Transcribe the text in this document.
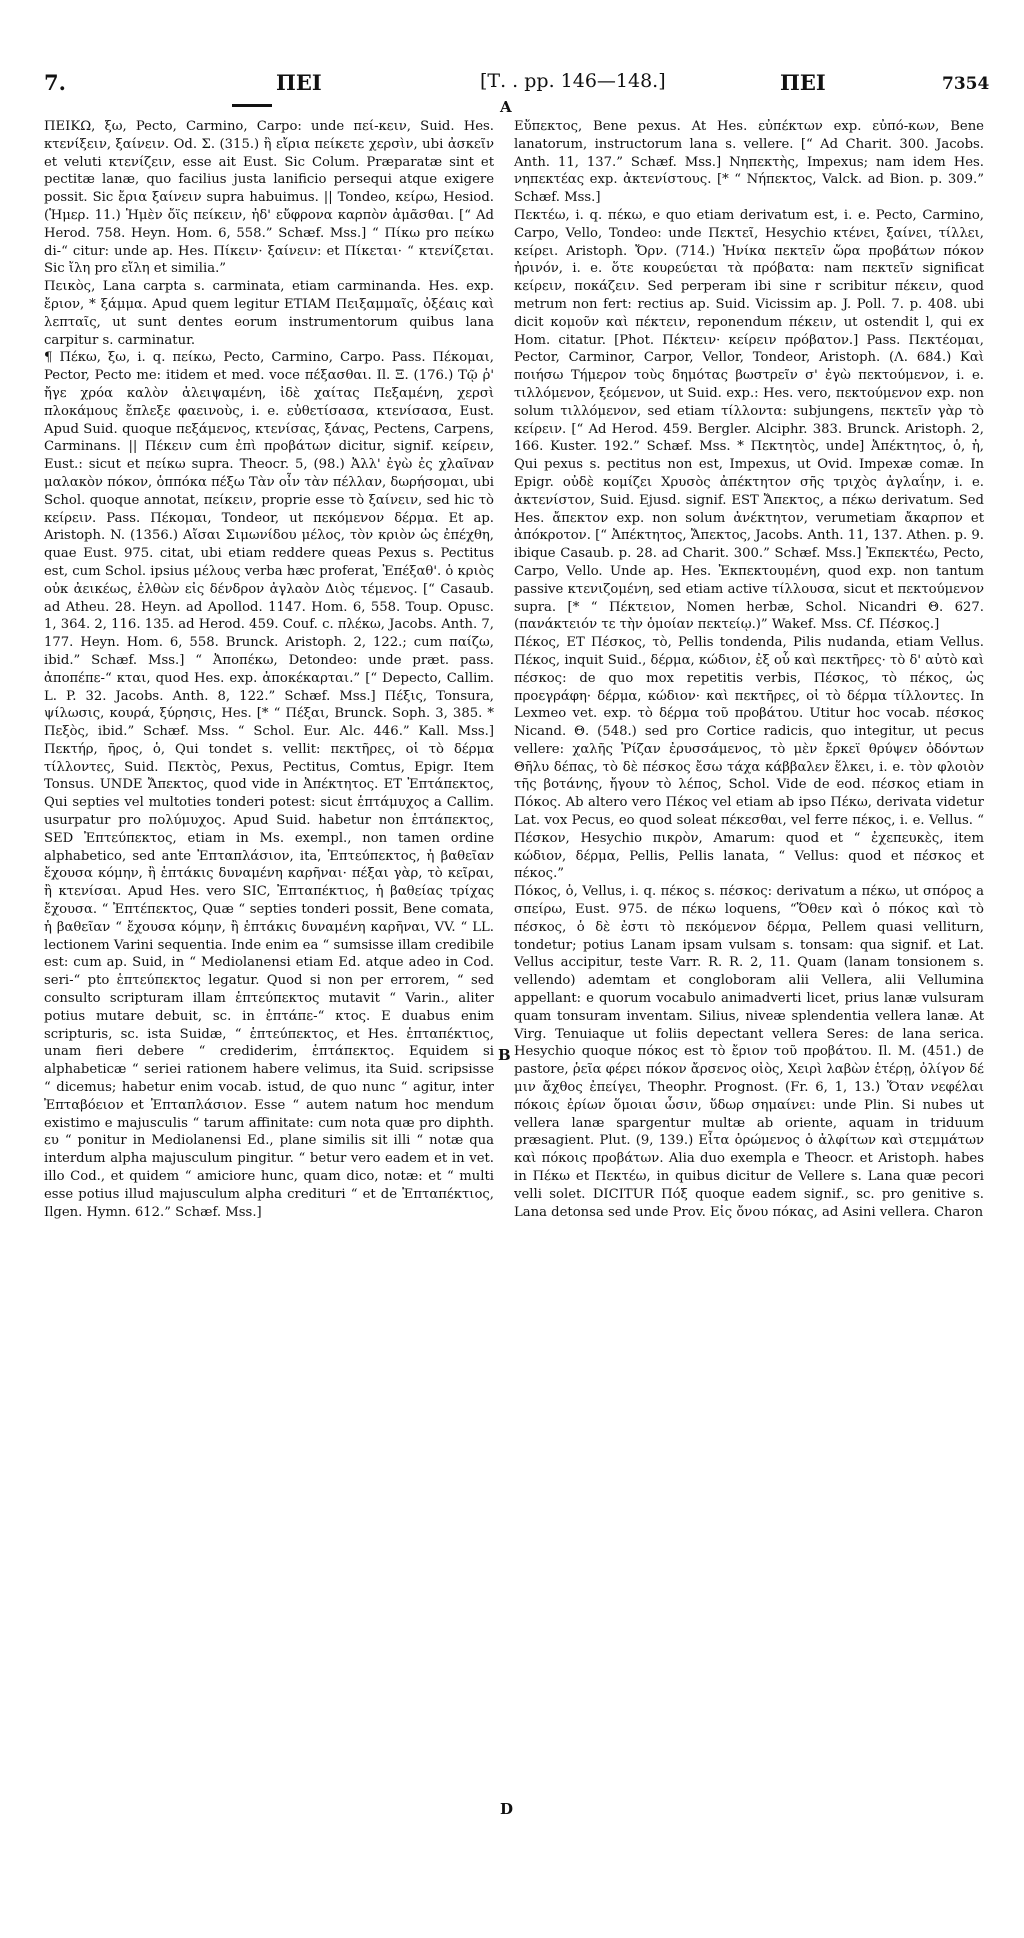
7.	ΠΕΙ	[Τ. . pp. 146—148.]	ΠΕΙ	7354
A
B
D

ΠΕΙΚΩ, ξω, Pecto, Carmino, Carpo: unde πεί-κειν, Suid. Hes. κτενίξειν, ξαίνειν. Od. Σ. (315.) ἢ εἴρια πείκετε χερσὶν, ubi ἀσκεῖν et veluti κτενίζειν, esse ait Eust. Sic Colum. Præparatæ sint et pectitæ lanæ, quo facilius justa lanificio persequi atque exigere possit. Sic ἔρια ξαίνειν supra habuimus. || Tondeo, κείρω, Hesiod. (Ἡμερ. 11.) Ἡμὲν ὄϊς πείκειν, ἠδ' εὔφρονα καρπὸν ἀμᾶσθαι. [“ Ad Herod. 758. Heyn. Hom. 6, 558.” Schæf. Mss.] “ Πίκω pro πείκω di-“ citur: unde ap. Hes. Πίκειν· ξαίνειν: et Πίκεται· “ κτενίζεται. Sic ἴλη pro εἴλη et similia.”

Πεικὸς, Lana carpta s. carminata, etiam carminanda. Hes. exp. ἔριον, * ξάμμα. Apud quem legitur ETIAM Πειξαμμαῖς, ὀξέαις καὶ λεπταῖς, ut sunt dentes eorum instrumentorum quibus lana carpitur s. carminatur.

¶ Πέκω, ξω, i. q. πείκω, Pecto, Carmino, Carpo. Pass. Πέκομαι, Pector, Pecto me: itidem et med. voce πέξασθαι. Il. Ξ. (176.) Τῷ ῥ' ἤγε χρόα καλὸν ἀλειψαμένη, ἰδὲ χαίτας Πεξαμένη, χερσὶ πλοκάμους ἔπλεξε φαεινοὺς, i. e. εὐθετίσασα, κτενίσασα, Eust. Apud Suid. quoque πεξάμενος, κτενίσας, ξάνας, Pectens, Carpens, Carminans. || Πέκειν cum ἐπὶ προβάτων dicitur, signif. κείρειν, Eust.: sicut et πείκω supra. Theocr. 5, (98.) Ἀλλ' ἐγὼ ἐς χλαῖναν μαλακὸν πόκον, ὁππόκα πέξω Τὰν οἶν τὰν πέλλαν, δωρήσομαι, ubi Schol. quoque annotat, πείκειν, proprie esse τὸ ξαίνειν, sed hic τὸ κείρειν. Pass. Πέκομαι, Tondeor, ut πεκόμενον δέρμα. Et ap. Aristoph. N. (1356.) Αἴσαι Σιμωνίδου μέλος, τὸν κριὸν ὡς ἐπέχθη, quae Eust. 975. citat, ubi etiam reddere queas Pexus s. Pectitus est, cum Schol. ipsius μέλους verba hæc proferat, Ἐπέξαθ'. ὁ κριὸς οὐκ ἀεικέως, ἐλθὼν εἰς δένδρον ἀγλαὸν Διὸς τέμενος. [“ Casaub. ad Atheu. 28. Heyn. ad Apollod. 1147. Hom. 6, 558. Toup. Opusc. 1, 364. 2, 116. 135. ad Herod. 459. Couf. c. πλέκω, Jacobs. Anth. 7, 177. Heyn. Hom. 6, 558. Brunck. Aristoph. 2, 122.; cum παίζω, ibid.” Schæf. Mss.] “ Ἀποπέκω, Detondeo: unde præt. pass. ἀποπέπε-“ κται, quod Hes. exp. ἀποκέκαρται.” [“ Depecto, Callim. L. P. 32. Jacobs. Anth. 8, 122.” Schæf. Mss.] Πέξις, Tonsura, ψίλωσις, κουρά, ξύρησις, Hes. [* “ Πέξαι, Brunck. Soph. 3, 385. * Πεξὸς, ibid.” Schæf. Mss. “ Schol. Eur. Alc. 446.” Kall. Mss.] Πεκτήρ, ῆρος, ὁ, Qui tondet s. vellit: πεκτῆρες, οἱ τὸ δέρμα τίλλοντες, Suid. Πεκτὸς, Pexus, Pectitus, Comtus, Epigr. Item Tonsus. UNDE Ἄπεκτος, quod vide in Ἀπέκτητος. ET Ἐπτάπεκτος, Qui septies vel multoties tonderi potest: sicut ἑπτάμυχος a Callim. usurpatur pro πολύμυχος. Apud Suid. habetur non ἑπτάπεκτος, SED Ἐπτεύπεκτος, etiam in Ms. exempl., non tamen ordine alphabetico, sed ante Ἐπταπλάσιον, ita, Ἐπτεύπεκτος, ἡ βαθεῖαν ἔχουσα κόμην, ἢ ἑπτάκις δυναμένη καρῆναι· πέξαι γὰρ, τὸ κεῖραι, ἢ κτενίσαι. Apud Hes. vero SIC, Ἐπταπέκτιος, ἡ βαθείας τρίχας ἔχουσα. “ Ἐπτέπεκτος, Quæ “ septies tonderi possit, Bene comata, ἡ βαθεῖαν “ ἔχουσα κόμην, ἢ ἑπτάκις δυναμένη καρῆναι, VV. “ LL. lectionem Varini sequentia. Inde enim ea “ sumsisse illam credibile est: cum ap. Suid, in “ Mediolanensi etiam Ed. atque adeo in Cod. seri-“ pto ἑπτεύπεκτος legatur. Quod si non per errorem, “ sed consulto scripturam illam ἑπτεύπεκτος mutavit “ Varin., aliter potius mutare debuit, sc. in ἑπτάπε-“ κτος. E duabus enim scripturis, sc. ista Suidæ, “ ἑπτεύπεκτος, et Hes. ἑπταπέκτιος, unam fieri debere “ crediderim, ἑπτάπεκτος. Equidem si alphabeticæ “ seriei rationem habere velimus, ita Suid. scripsisse “ dicemus; habetur enim vocab. istud, de quo nunc “ agitur, inter Ἐπταβόειον et Ἐπταπλάσιον. Esse “ autem natum hoc mendum existimo e majusculis “ tarum affinitate: cum nota quæ pro diphth. ευ “ ponitur in Mediolanensi Ed., plane similis sit illi “ notæ qua interdum alpha majusculum pingitur. “ betur vero eadem et in vet. illo Cod., et quidem “ amiciore hunc, quam dico, notæ: et “ multi esse potius illud majusculum alpha credituri “ et de Ἐπταπέκτιος, Ilgen. Hymn. 612.” Schæf. Mss.]

Εὔπεκτος, Bene pexus. At Hes. εὐπέκτων exp. εὐπό-κων, Bene lanatorum, instructorum lana s. vellere. [“ Ad Charit. 300. Jacobs. Anth. 11, 137.” Schæf. Mss.] Νηπεκτὴς, Impexus; nam idem Hes. νηπεκτέας exp. ἀκτενίστους. [* “ Νήπεκτος, Valck. ad Bion. p. 309.” Schæf. Mss.]

Πεκτέω, i. q. πέκω, e quo etiam derivatum est, i. e. Pecto, Carmino, Carpo, Vello, Tondeo: unde Πεκτεῖ, Hesychio κτένει, ξαίνει, τίλλει, κείρει. Aristoph. Ὄρν. (714.) Ἡνίκα πεκτεῖν ὥρα προβάτων πόκον ἠρινόν, i. e. ὅτε κουρεύεται τὰ πρόβατα: nam πεκτεῖν significat κείρειν, ποκάζειν. Sed perperam ibi sine r scribitur πέκειν, quod metrum non fert: rectius ap. Suid. Vicissim ap. J. Poll. 7. p. 408. ubi dicit κομοῦν καὶ πέκτειν, reponendum πέκειν, ut ostendit l, qui ex Hom. citatur. [Phot. Πέκτειν· κείρειν πρόβατον.] Pass. Πεκτέομαι, Pector, Carminor, Carpor, Vellor, Tondeor, Aristoph. (Λ. 684.) Καὶ ποιήσω Τήμερον τοὺς δημότας βωστρεῖν σ' ἐγὼ πεκτούμενον, i. e. τιλλόμενον, ξεόμενον, ut Suid. exp.: Hes. vero, πεκτούμενον exp. non solum τιλλόμενον, sed etiam τίλλοντα: subjungens, πεκτεῖν γὰρ τὸ κείρειν. [“ Ad Herod. 459. Bergler. Alciphr. 383. Brunck. Aristoph. 2, 166. Kuster. 192.” Schæf. Mss. * Πεκτητὸς, unde] Ἀπέκτητος, ὁ, ἡ, Qui pexus s. pectitus non est, Impexus, ut Ovid. Impexæ comæ. In Epigr. οὐδὲ κομίζει Χρυσὸς ἀπέκτητον σῆς τριχὸς ἀγλαΐην, i. e. ἀκτενίστον, Suid. Ejusd. signif. EST Ἄπεκτος, a πέκω derivatum. Sed Hes. ἄπεκτον exp. non solum ἀνέκτητον, verumetiam ἄκαρπον et ἀπόκροτον. [“ Ἀπέκτητος, Ἄπεκτος, Jacobs. Anth. 11, 137. Athen. p. 9. ibique Casaub. p. 28. ad Charit. 300.” Schæf. Mss.] Ἐκπεκτέω, Pecto, Carpo, Vello. Unde ap. Hes. Ἐκπεκτουμένη, quod exp. non tantum passive κτενιζομένη, sed etiam active τίλλουσα, sicut et πεκτούμενον supra. [* “ Πέκτειον, Nomen herbæ, Schol. Nicandri Θ. 627. (πανάκτειόν τε τὴν ὁμοίαν πεκτείῳ.)” Wakef. Mss. Cf. Πέσκος.]

Πέκος, ET Πέσκος, τὸ, Pellis tondenda, Pilis nudanda, etiam Vellus. Πέκος, inquit Suid., δέρμα, κώδιον, ἐξ οὗ καὶ πεκτῆρες· τὸ δ' αὐτὸ καὶ πέσκος: de quo mox repetitis verbis, Πέσκος, τὸ πέκος, ὡς προεγράφη· δέρμα, κώδιον· καὶ πεκτῆρες, οἱ τὸ δέρμα τίλλοντες. In Lexmeo vet. exp. τὸ δέρμα τοῦ προβάτου. Utitur hoc vocab. πέσκος Nicand. Θ. (548.) sed pro Cortice radicis, quo integitur, ut pecus vellere: χαλῆς Ῥίζαν ἐρυσσάμενος, τὸ μὲν ἔρκεϊ θρύψεν ὀδόντων Θῆλυ δέπας, τὸ δὲ πέσκος ἔσω τάχα κάββαλεν ἕλκει, i. e. τὸν φλοιὸν τῆς βοτάνης, ἤγουν τὸ λέπος, Schol. Vide de eod. πέσκος etiam in Πόκος. Ab altero vero Πέκος vel etiam ab ipso Πέκω, derivata videtur Lat. vox Pecus, eo quod soleat πέκεσθαι, vel ferre πέκος, i. e. Vellus. “ Πέσκον, Hesychio πικρὸν, Amarum: quod et “ ἐχεπευκὲς, item κώδιον, δέρμα, Pellis, Pellis lanata, “ Vellus: quod et πέσκος et πέκος.”

Πόκος, ὁ, Vellus, i. q. πέκος s. πέσκος: derivatum a πέκω, ut σπόρος a σπείρω, Eust. 975. de πέκω loquens, “Ὅθεν καὶ ὁ πόκος καὶ τὸ πέσκος, ὁ δὲ ἐστι τὸ πεκόμενον δέρμα, Pellem quasi velliturn, tondetur; potius Lanam ipsam vulsam s. tonsam: qua signif. et Lat. Vellus accipitur, teste Varr. R. R. 2, 11. Quam (lanam tonsionem s. vellendo) ademtam et congloboram alii Vellera, alii Vellumina appellant: e quorum vocabulo animadverti licet, prius lanæ vulsuram quam tonsuram inventam. Silius, niveæ splendentia vellera lanæ. At Virg. Tenuiaque ut foliis depectant vellera Seres: de lana serica. Hesychio quoque πόκος est τὸ ἔριον τοῦ προβάτου. Il. M. (451.) de pastore, ῥεῖα φέρει πόκον ἄρσενος οἰὸς, Χειρὶ λαβὼν ἑτέρῃ, ὀλίγον δέ μιν ἄχθος ἐπείγει, Theophr. Prognost. (Fr. 6, 1, 13.) Ὅταν νεφέλαι πόκοις ἐρίων ὅμοιαι ὦσιν, ὕδωρ σημαίνει: unde Plin. Si nubes ut vellera lanæ spargentur multæ ab oriente, aquam in triduum præsagient. Plut. (9, 139.) Εἶτα ὁρώμενος ὁ ἀλφίτων καὶ στεμμάτων καὶ πόκοις προβάτων. Alia duo exempla e Theocr. et Aristoph. habes in Πέκω et Πεκτέω, in quibus dicitur de Vellere s. Lana quæ pecori velli solet. DICITUR Πόξ quoque eadem signif., sc. pro genitive s. Lana detonsa sed unde Prov. Εἰς ὄνου πόκας, ad Asini vellera. Charon
